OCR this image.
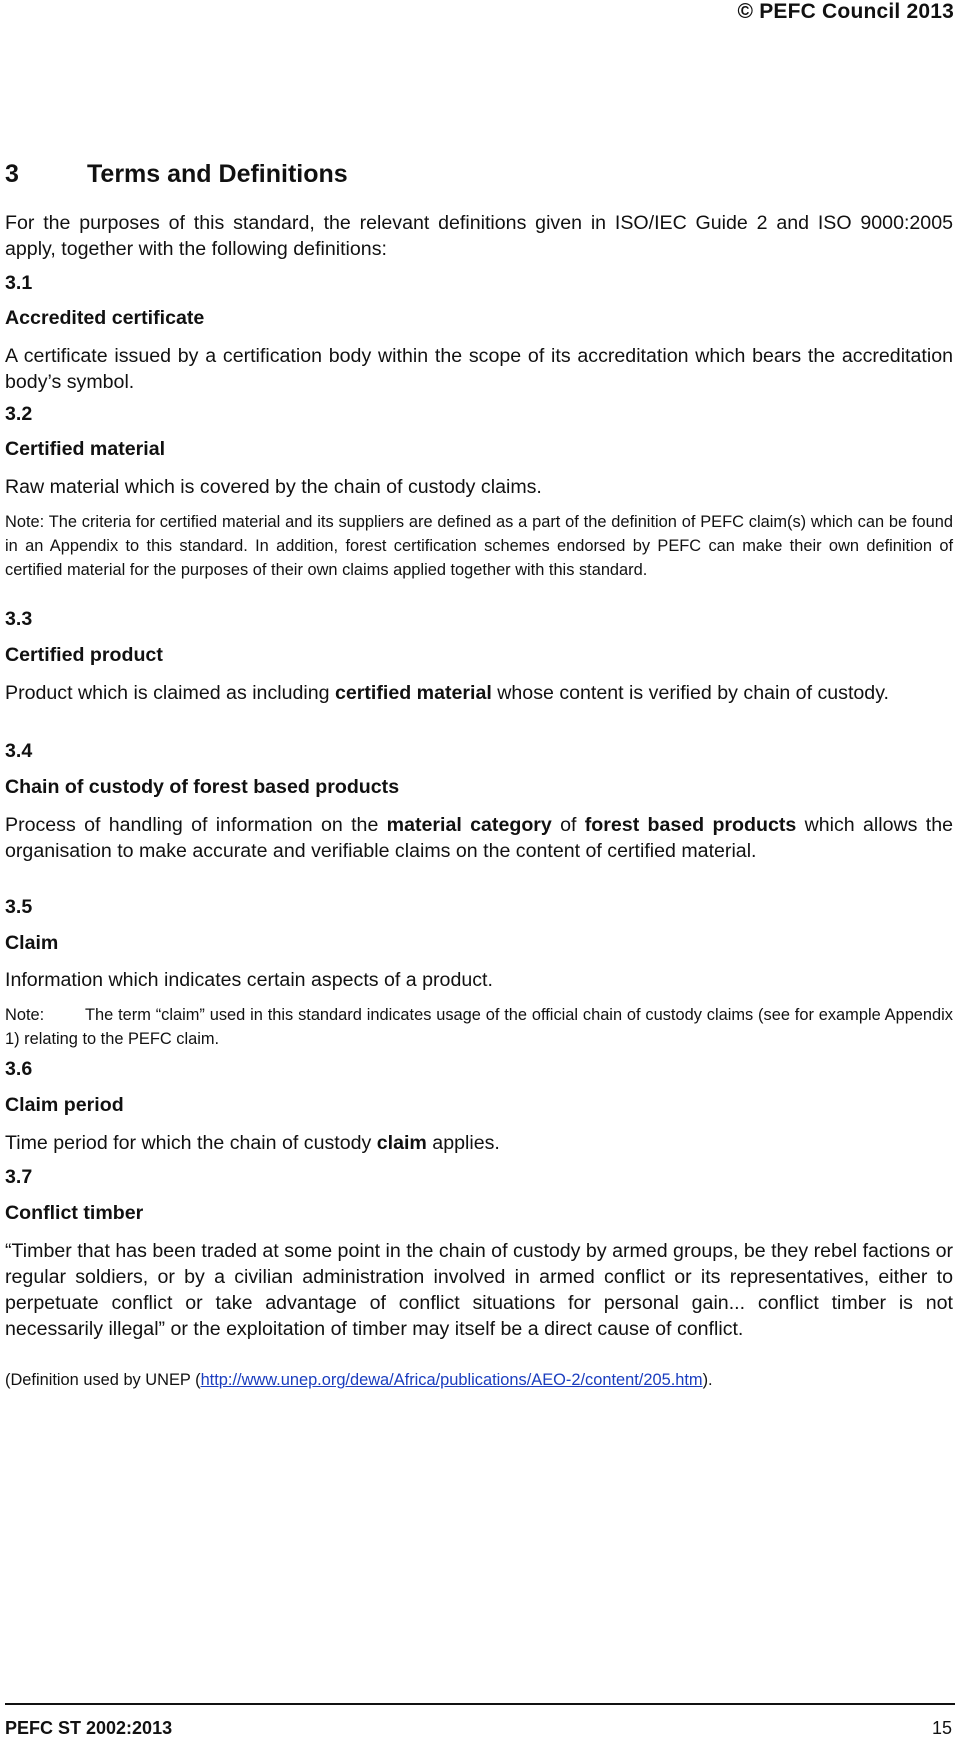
© PEFC Council 2013
3	Terms and Definitions
For the purposes of this standard, the relevant definitions given in ISO/IEC Guide 2 and ISO 9000:2005 apply, together with the following definitions:
3.1
Accredited certificate
A certificate issued by a certification body within the scope of its accreditation which bears the accreditation body’s symbol.
3.2
Certified material
Raw material which is covered by the chain of custody claims.
Note: The criteria for certified material and its suppliers are defined as a part of the definition of PEFC claim(s) which can be found in an Appendix to this standard. In addition, forest certification schemes endorsed by PEFC can make their own definition of certified material for the purposes of their own claims applied together with this standard.
3.3
Certified product
Product which is claimed as including certified material whose content is verified by chain of custody.
3.4
Chain of custody of forest based products
Process of handling of information on the material category of forest based products which allows the organisation to make accurate and verifiable claims on the content of certified material.
3.5
Claim
Information which indicates certain aspects of a product.
Note: The term “claim” used in this standard indicates usage of the official chain of custody claims (see for example Appendix 1) relating to the PEFC claim.
3.6
Claim period
Time period for which the chain of custody claim applies.
3.7
Conflict timber
“Timber that has been traded at some point in the chain of custody by armed groups, be they rebel factions or regular soldiers, or by a civilian administration involved in armed conflict or its representatives, either to perpetuate conflict or take advantage of conflict situations for personal gain... conflict timber is not necessarily illegal” or the exploitation of timber may itself be a direct cause of conflict.
(Definition used by UNEP (http://www.unep.org/dewa/Africa/publications/AEO-2/content/205.htm).
PEFC ST 2002:2013	15
